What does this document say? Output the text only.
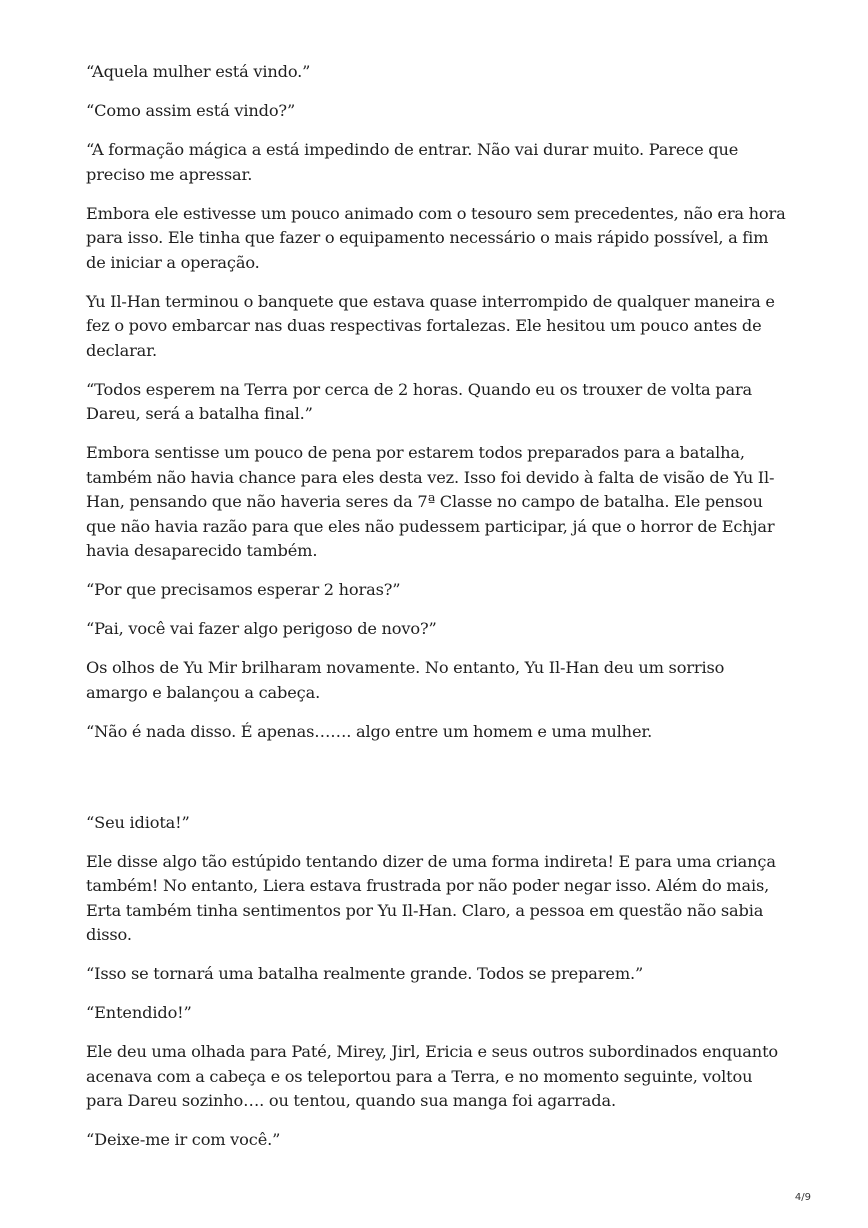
“Aquela mulher está vindo.”

“Como assim está vindo?”

“A formação mágica a está impedindo de entrar. Não vai durar muito. Parece que preciso me apressar.

Embora ele estivesse um pouco animado com o tesouro sem precedentes, não era hora para isso. Ele tinha que fazer o equipamento necessário o mais rápido possível, a fim de iniciar a operação.

Yu Il-Han terminou o banquete que estava quase interrompido de qualquer maneira e fez o povo embarcar nas duas respectivas fortalezas. Ele hesitou um pouco antes de declarar.

“Todos esperem na Terra por cerca de 2 horas. Quando eu os trouxer de volta para Dareu, será a batalha final.”

Embora sentisse um pouco de pena por estarem todos preparados para a batalha, também não havia chance para eles desta vez. Isso foi devido à falta de visão de Yu Il-Han, pensando que não haveria seres da 7ª Classe no campo de batalha. Ele pensou que não havia razão para que eles não pudessem participar, já que o horror de Echjar havia desaparecido também.

“Por que precisamos esperar 2 horas?”

“Pai, você vai fazer algo perigoso de novo?”

Os olhos de Yu Mir brilharam novamente. No entanto, Yu Il-Han deu um sorriso amargo e balançou a cabeça.

“Não é nada disso. É apenas……. algo entre um homem e uma mulher.

“Seu idiota!”

Ele disse algo tão estúpido tentando dizer de uma forma indireta! E para uma criança também! No entanto, Liera estava frustrada por não poder negar isso. Além do mais, Erta também tinha sentimentos por Yu Il-Han. Claro, a pessoa em questão não sabia disso.

“Isso se tornará uma batalha realmente grande. Todos se preparem.”

“Entendido!”

Ele deu uma olhada para Paté, Mirey, Jirl, Ericia e seus outros subordinados enquanto acenava com a cabeça e os teleportou para a Terra, e no momento seguinte, voltou para Dareu sozinho…. ou tentou, quando sua manga foi agarrada.

“Deixe-me ir com você.”

4/9
